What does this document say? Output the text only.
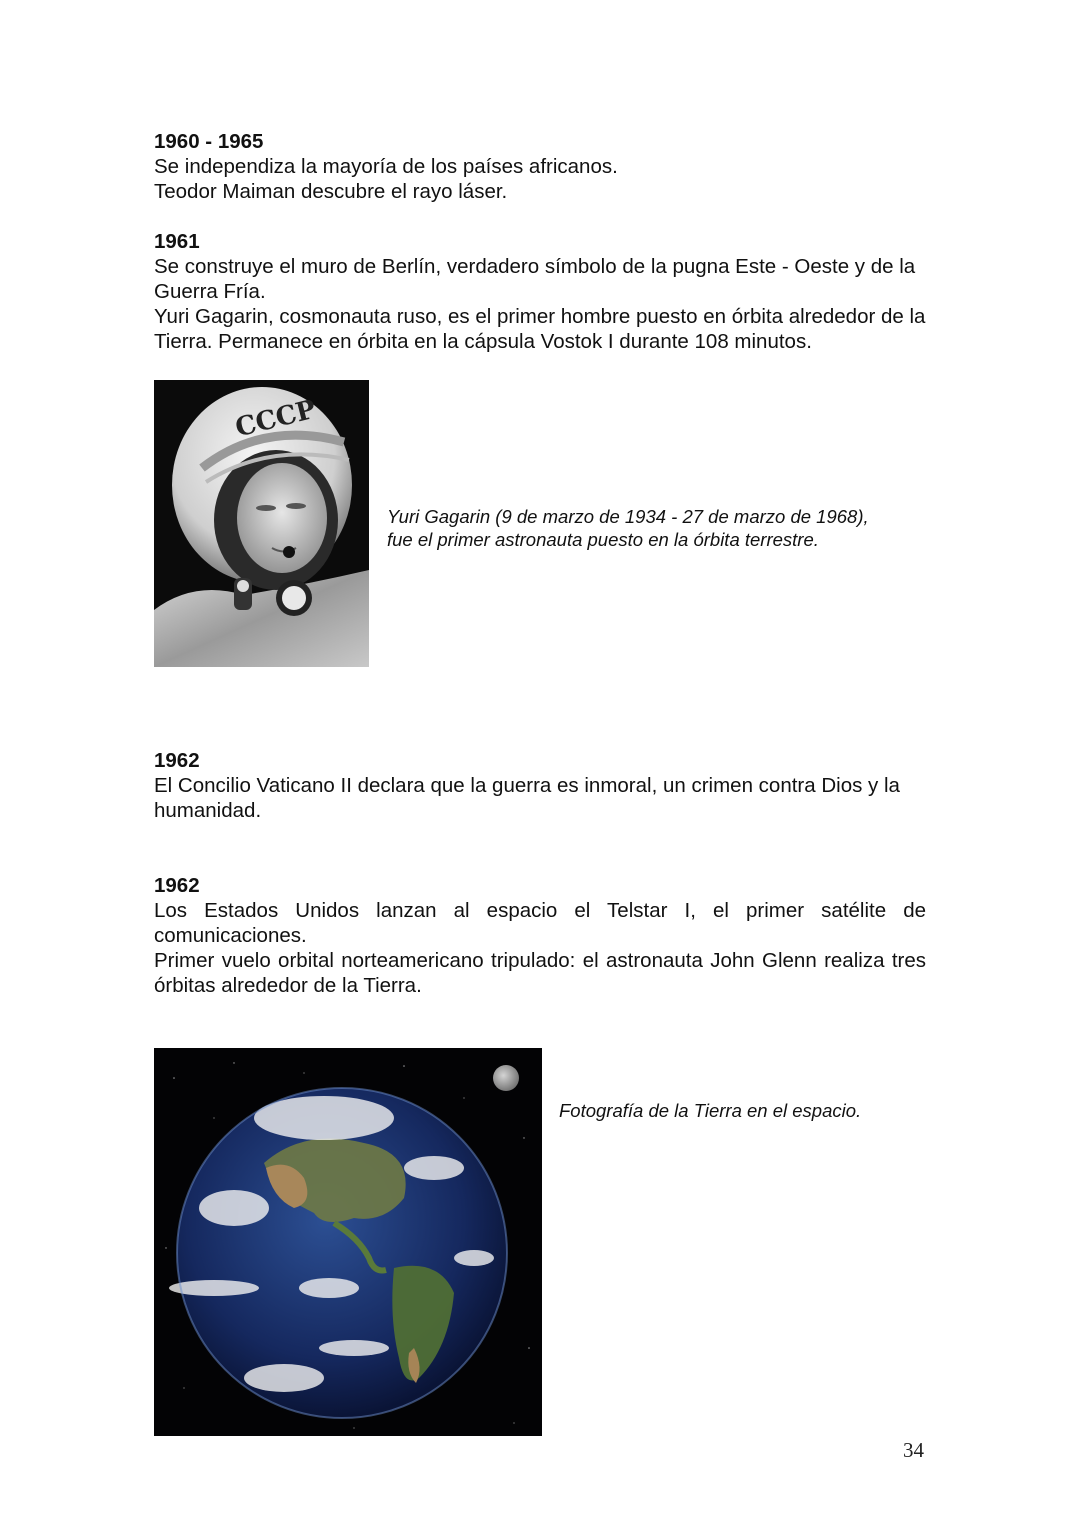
1960 - 1965
Se independiza la mayoría de los países africanos.
Teodor Maiman descubre el rayo láser.
1961
Se construye el muro de Berlín, verdadero símbolo de la pugna Este - Oeste y de la Guerra Fría.
Yuri Gagarin, cosmonauta ruso, es el primer hombre puesto en órbita alrededor de la Tierra. Permanece en órbita en la cápsula Vostok I durante 108 minutos.
CCCP
Yuri Gagarin (9 de marzo de 1934 - 27 de marzo de 1968),
fue el primer astronauta puesto en la órbita terrestre.
1962
El Concilio Vaticano II declara que la guerra es inmoral, un crimen contra Dios y la humanidad.
1962
Los Estados Unidos lanzan al espacio el Telstar I, el primer satélite de comunicaciones.
Primer vuelo orbital norteamericano tripulado: el astronauta John Glenn realiza tres órbitas alrededor de la Tierra.
Fotografía de la Tierra en el espacio.
34
